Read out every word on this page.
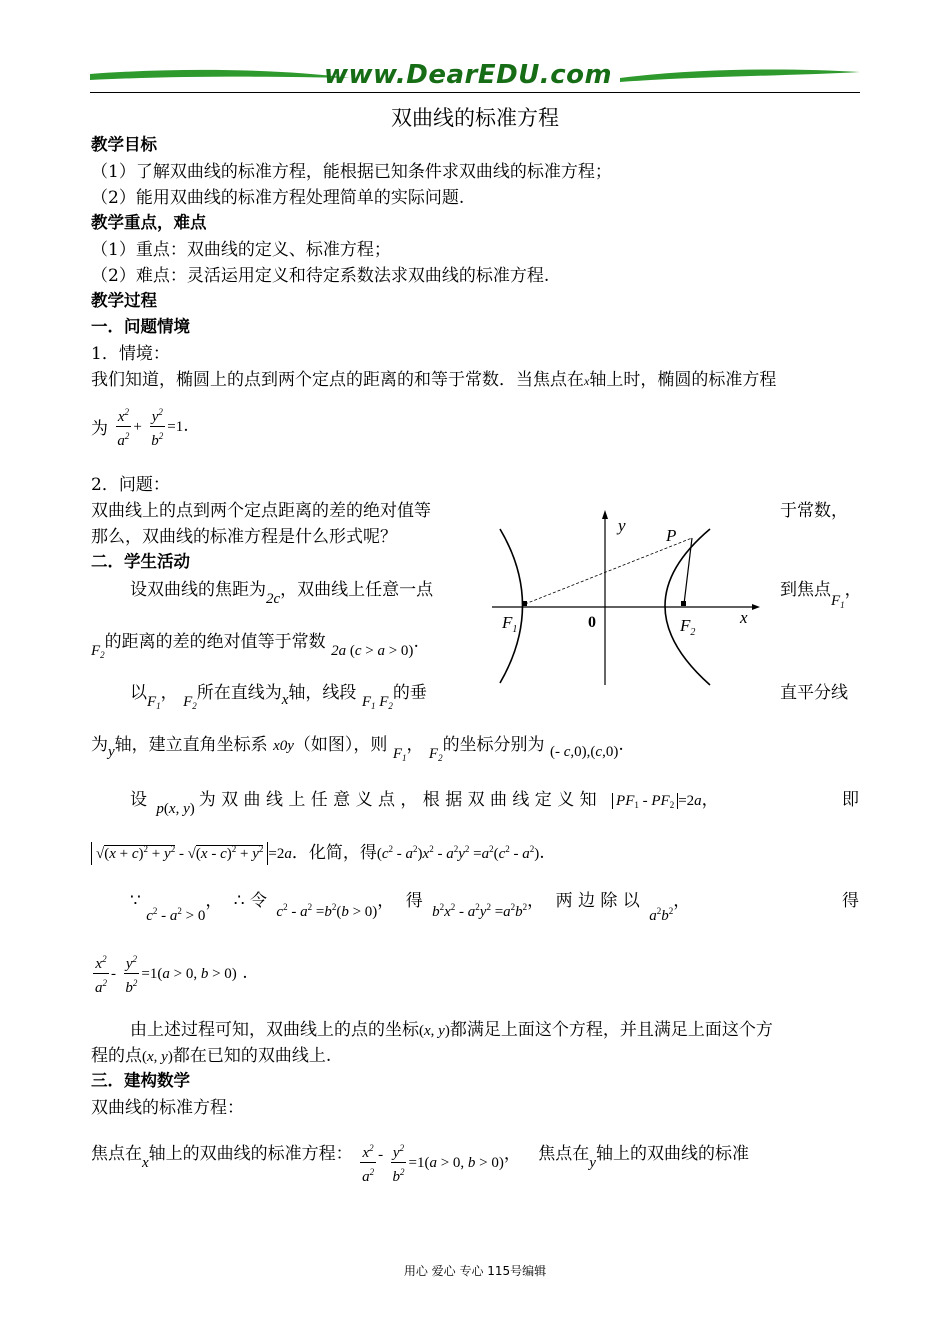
www.DearEDU.com
双曲线的标准方程
教学目标
（1）了解双曲线的标准方程，能根据已知条件求双曲线的标准方程；
（2）能用双曲线的标准方程处理简单的实际问题.
教学重点，难点
（1）重点：双曲线的定义、标准方程；
（2）难点：灵活运用定义和待定系数法求双曲线的标准方程.
教学过程
一．问题情境
1．情境：
我们知道，椭圆上的点到两个定点的距离的和等于常数．当焦点在x轴上时，椭圆的标准方程
为 $\frac{x^2}{a^2} + \frac{y^2}{b^2} =1$.
2．问题：
双曲线上的点到两个定点距离的差的绝对值等	于常数，
那么，双曲线的标准方程是什么形式呢？
二．学生活动
设双曲线的焦距为2c，双曲线上任意一点	到焦点$F_1$，
$F_2$的距离的差的绝对值等于常数 2a (c > a > 0).
以$F_1$， $F_2$所在直线为x轴，线段 $F_1$ $F_2$的垂	直平分线
为y轴，建立直角坐标系 x0y（如图），则 $F_1$， $F_2$的坐标分别为 (- c,0),(c,0).
设 p(x, y) 为 双 曲 线 上 任 意 义 点 ， 根 据 双 曲 线 定 义 知 $PF_1 - PF_2 =2a$，	即
$√(x + c)^2 + y^2 - √(x - c)^2 + y^2 =2a$．化简，得$(c^2 - a^2)x^2 - a^2y^2 =a^2(c^2 - a^2)$.
∵ $c^2 - a^2 > 0$， ∴ 令 $c^2 - a^2 =b^2(b > 0)$， 得 $b^2x^2 - a^2y^2 =a^2b^2$， 两 边 除 以 $a^2b^2$，	得
$\frac{x^2}{a^2} - \frac{y^2}{b^2} =1(a > 0$, b > 0) .
由上述过程可知，双曲线上的点的坐标(x, y)都满足上面这个方程，并且满足上面这个方
程的点(x, y)都在已知的双曲线上.
三．建构数学
双曲线的标准方程：
焦点在x轴上的双曲线的标准方程： $\frac{x^2}{a^2} - \frac{y^2}{b^2} =1(a > 0$, b > 0)， 焦点在y轴上的双曲线的标准
y
P
x
0
$F_1$	$F_2$
用心 爱心 专心 115号编辑
